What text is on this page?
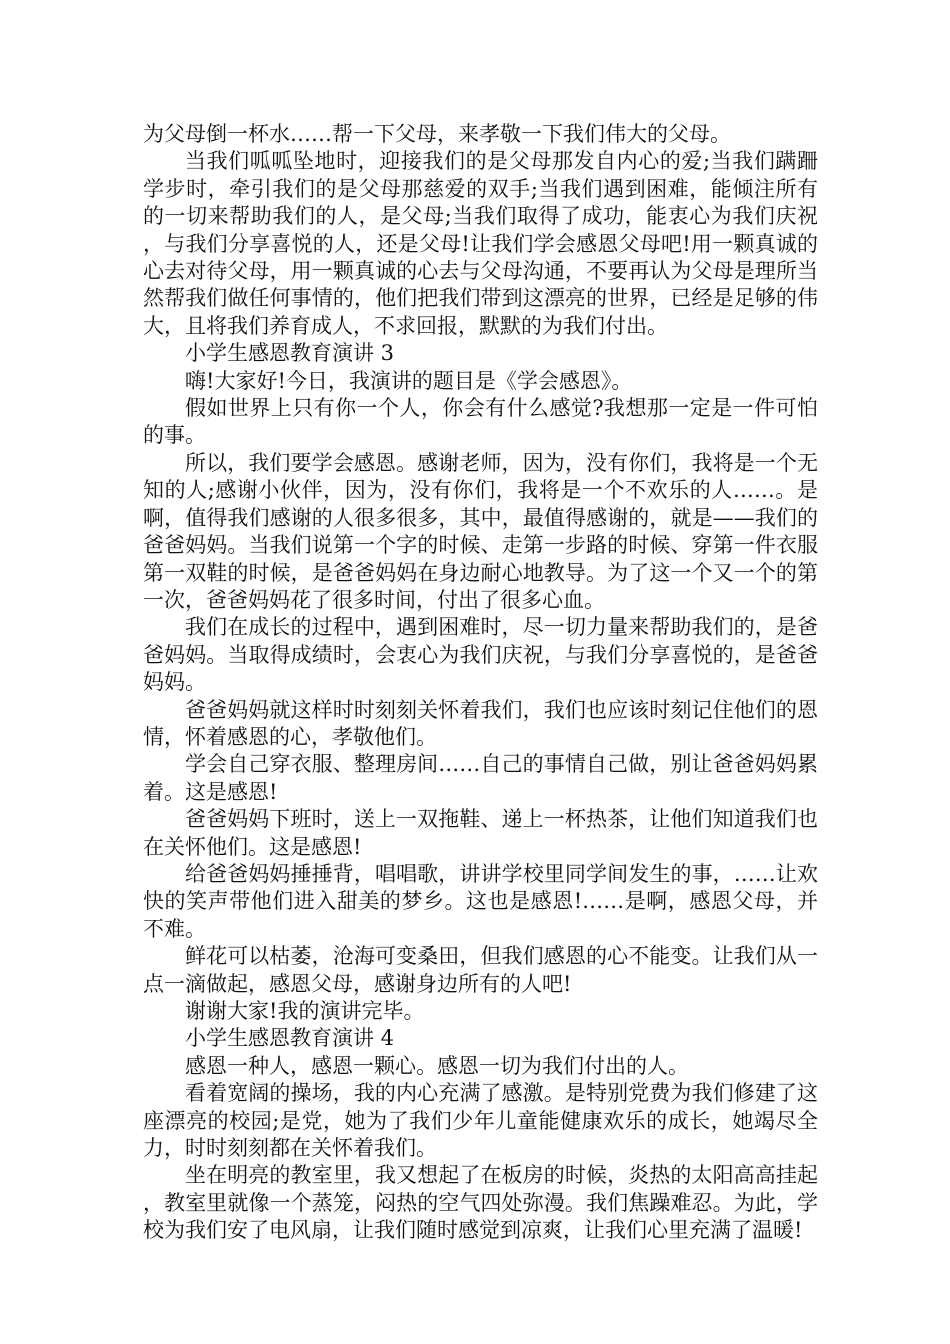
为父母倒一杯水……帮一下父母，来孝敬一下我们伟大的父母。

当我们呱呱坠地时，迎接我们的是父母那发自内心的爱;当我们蹒跚学步时，牵引我们的是父母那慈爱的双手;当我们遇到困难，能倾注所有的一切来帮助我们的人，是父母;当我们取得了成功，能衷心为我们庆祝，与我们分享喜悦的人，还是父母!让我们学会感恩父母吧!用一颗真诚的心去对待父母，用一颗真诚的心去与父母沟通，不要再认为父母是理所当然帮我们做任何事情的，他们把我们带到这漂亮的世界，已经是足够的伟大，且将我们养育成人，不求回报，默默的为我们付出。

小学生感恩教育演讲 3

嗨!大家好!今日，我演讲的题目是《学会感恩》。

假如世界上只有你一个人，你会有什么感觉?我想那一定是一件可怕的事。

所以，我们要学会感恩。感谢老师，因为，没有你们，我将是一个无知的人;感谢小伙伴，因为，没有你们，我将是一个不欢乐的人……。是啊，值得我们感谢的人很多很多，其中，最值得感谢的，就是——我们的爸爸妈妈。当我们说第一个字的时候、走第一步路的时候、穿第一件衣服第一双鞋的时候，是爸爸妈妈在身边耐心地教导。为了这一个又一个的第一次，爸爸妈妈花了很多时间，付出了很多心血。

我们在成长的过程中，遇到困难时，尽一切力量来帮助我们的，是爸爸妈妈。当取得成绩时，会衷心为我们庆祝，与我们分享喜悦的，是爸爸妈妈。

爸爸妈妈就这样时时刻刻关怀着我们，我们也应该时刻记住他们的恩情，怀着感恩的心，孝敬他们。

学会自己穿衣服、整理房间……自己的事情自己做，别让爸爸妈妈累着。这是感恩!

爸爸妈妈下班时，送上一双拖鞋、递上一杯热茶，让他们知道我们也在关怀他们。这是感恩!

给爸爸妈妈捶捶背，唱唱歌，讲讲学校里同学间发生的事，……让欢快的笑声带他们进入甜美的梦乡。这也是感恩!……是啊，感恩父母，并不难。

鲜花可以枯萎，沧海可变桑田，但我们感恩的心不能变。让我们从一点一滴做起，感恩父母，感谢身边所有的人吧!

谢谢大家!我的演讲完毕。

小学生感恩教育演讲 4

感恩一种人，感恩一颗心。感恩一切为我们付出的人。

看着宽阔的操场，我的内心充满了感激。是特别党费为我们修建了这座漂亮的校园;是党，她为了我们少年儿童能健康欢乐的成长，她竭尽全力，时时刻刻都在关怀着我们。

坐在明亮的教室里，我又想起了在板房的时候，炎热的太阳高高挂起，教室里就像一个蒸笼，闷热的空气四处弥漫。我们焦躁难忍。为此，学校为我们安了电风扇，让我们随时感觉到凉爽，让我们心里充满了温暖!
